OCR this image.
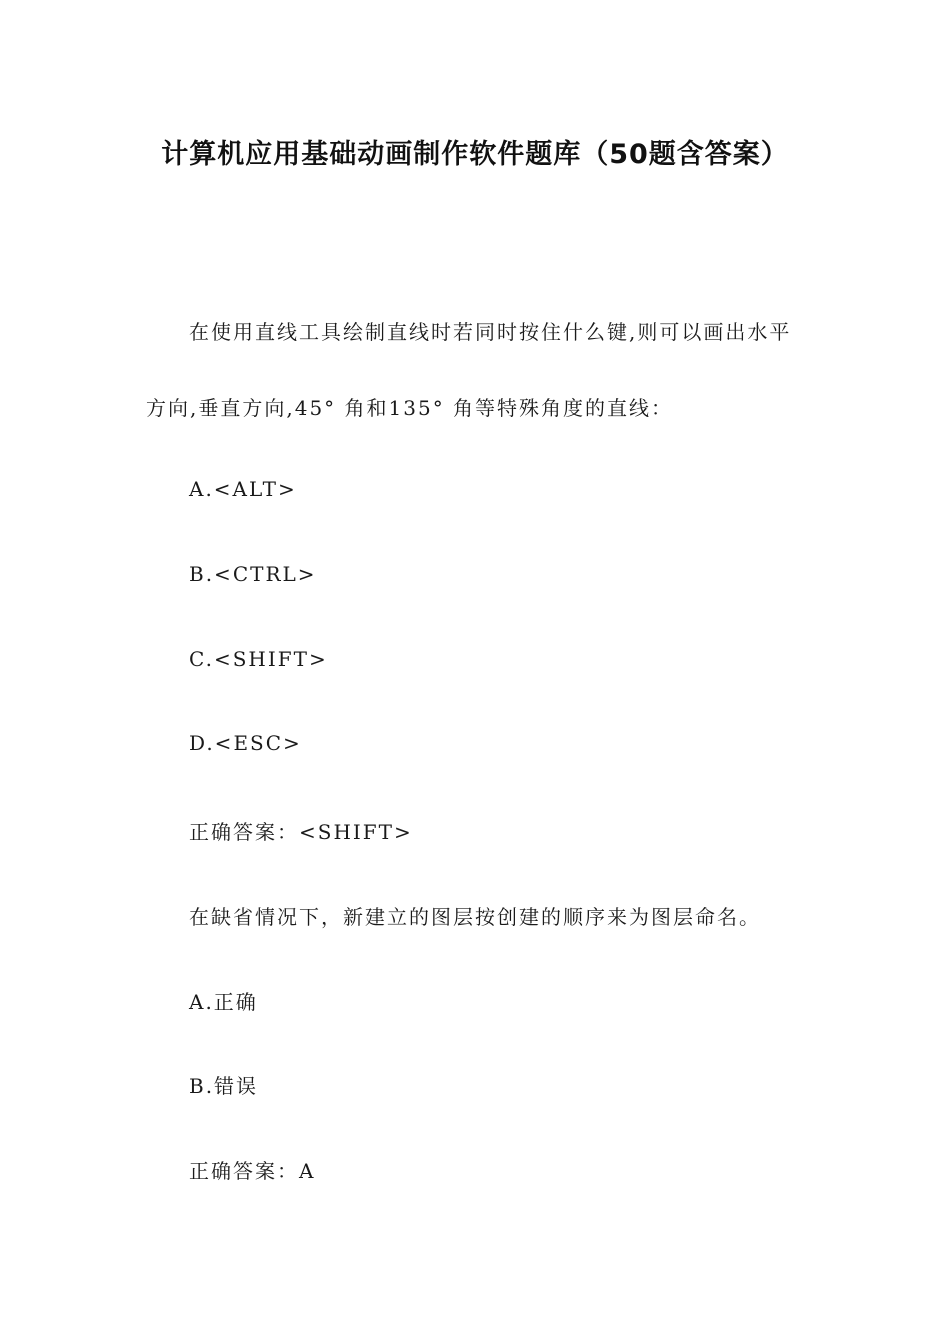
计算机应用基础动画制作软件题库（50题含答案）
在使用直线工具绘制直线时若同时按住什么键,则可以画出水平
方向,垂直方向,45° 角和135° 角等特殊角度的直线：
A.<ALT>
B.<CTRL>
C.<SHIFT>
D.<ESC>
正确答案：<SHIFT>
在缺省情况下，新建立的图层按创建的顺序来为图层命名。
A.正确
B.错误
正确答案：A
